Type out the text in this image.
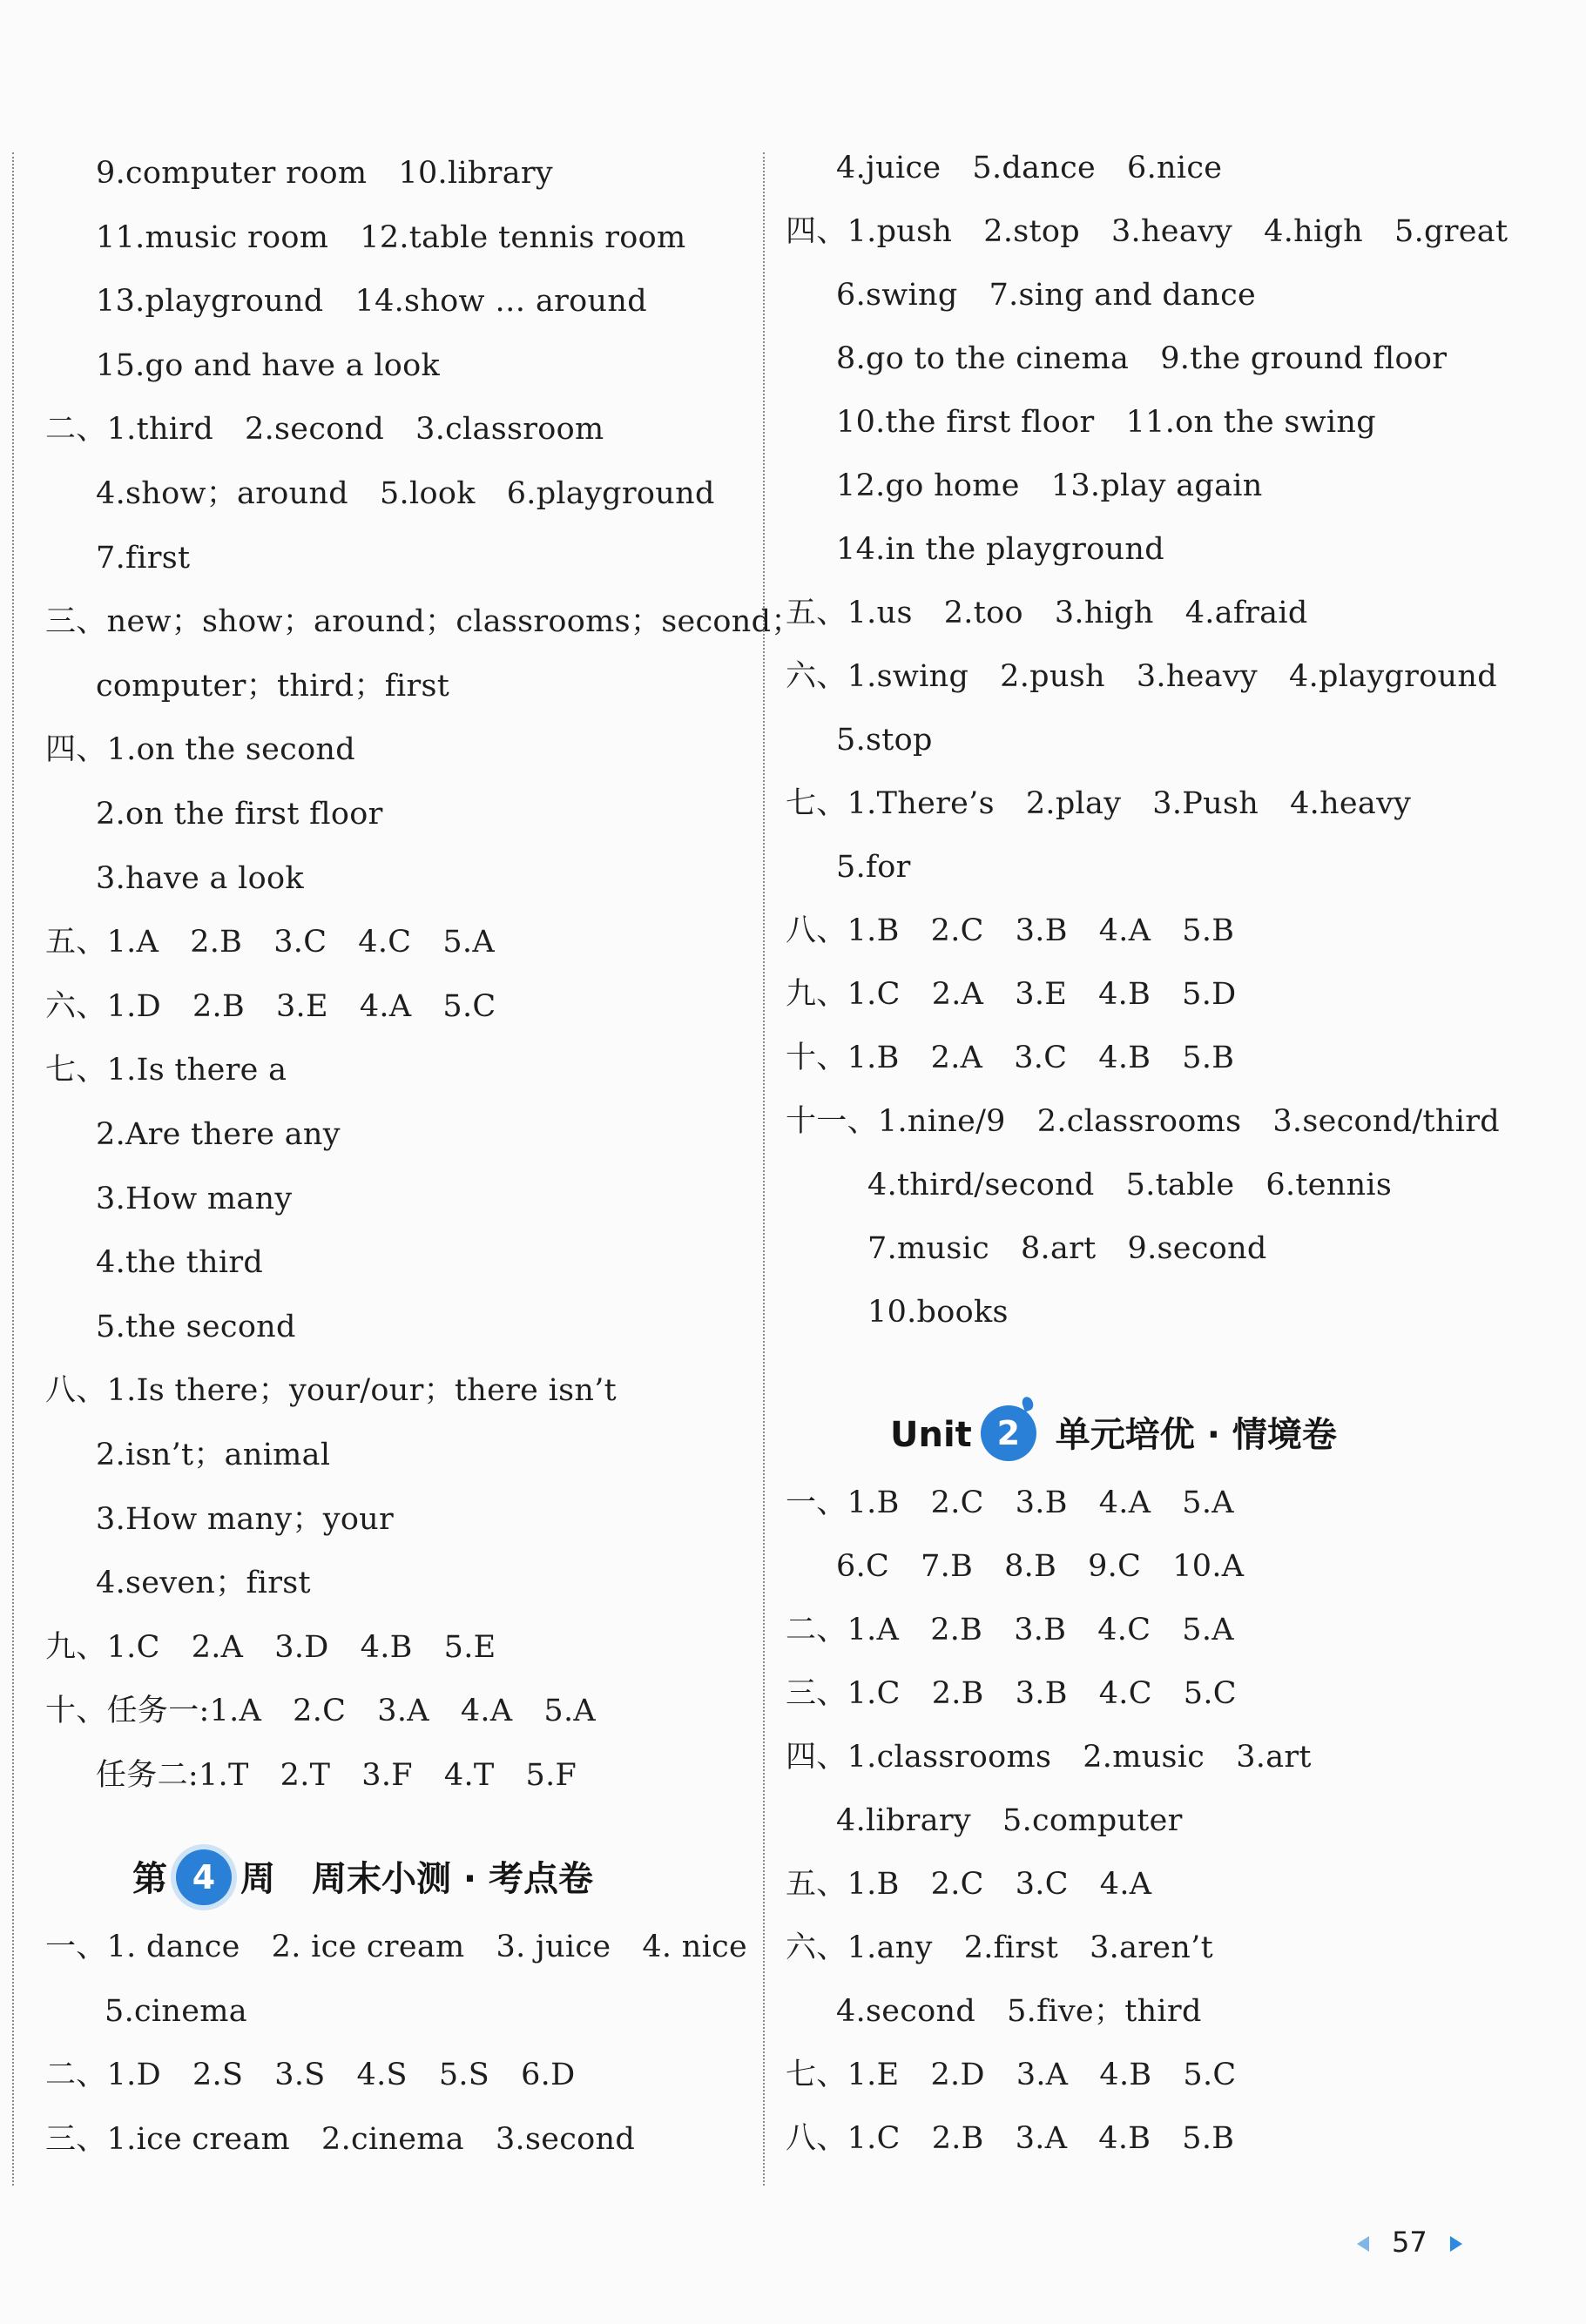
9.computer room 10.library
11.music room 12.table tennis room
13.playground 14.show … around
15.go and have a look
二、1.third 2.second 3.classroom
4.show；around 5.look 6.playground
7.first
三、new；show；around；classrooms；second；
computer；third；first
四、1.on the second
2.on the first floor
3.have a look
五、1.A 2.B 3.C 4.C 5.A
六、1.D 2.B 3.E 4.A 5.C
七、1.Is there a
2.Are there any
3.How many
4.the third
5.the second
八、1.Is there；your/our；there isn’t
2.isn’t；animal
3.How many；your
4.seven；first
九、1.C 2.A 3.D 4.B 5.E
十、任务一:1.A 2.C 3.A 4.A 5.A
任务二:1.T 2.T 3.F 4.T 5.F
第 4 周 周末小测 · 考点卷
一、1. dance 2. ice cream 3. juice 4. nice
5.cinema
二、1.D 2.S 3.S 4.S 5.S 6.D
三、1.ice cream 2.cinema 3.second
4.juice 5.dance 6.nice
四、1.push 2.stop 3.heavy 4.high 5.great
6.swing 7.sing and dance
8.go to the cinema 9.the ground floor
10.the first floor 11.on the swing
12.go home 13.play again
14.in the playground
五、1.us 2.too 3.high 4.afraid
六、1.swing 2.push 3.heavy 4.playground
5.stop
七、1.There’s 2.play 3.Push 4.heavy
5.for
八、1.B 2.C 3.B 4.A 5.B
九、1.C 2.A 3.E 4.B 5.D
十、1.B 2.A 3.C 4.B 5.B
十一、1.nine/9 2.classrooms 3.second/third
4.third/second 5.table 6.tennis
7.music 8.art 9.second
10.books
Unit 2 单元培优 · 情境卷
一、1.B 2.C 3.B 4.A 5.A
6.C 7.B 8.B 9.C 10.A
二、1.A 2.B 3.B 4.C 5.A
三、1.C 2.B 3.B 4.C 5.C
四、1.classrooms 2.music 3.art
4.library 5.computer
五、1.B 2.C 3.C 4.A
六、1.any 2.first 3.aren’t
4.second 5.five；third
七、1.E 2.D 3.A 4.B 5.C
八、1.C 2.B 3.A 4.B 5.B
57
